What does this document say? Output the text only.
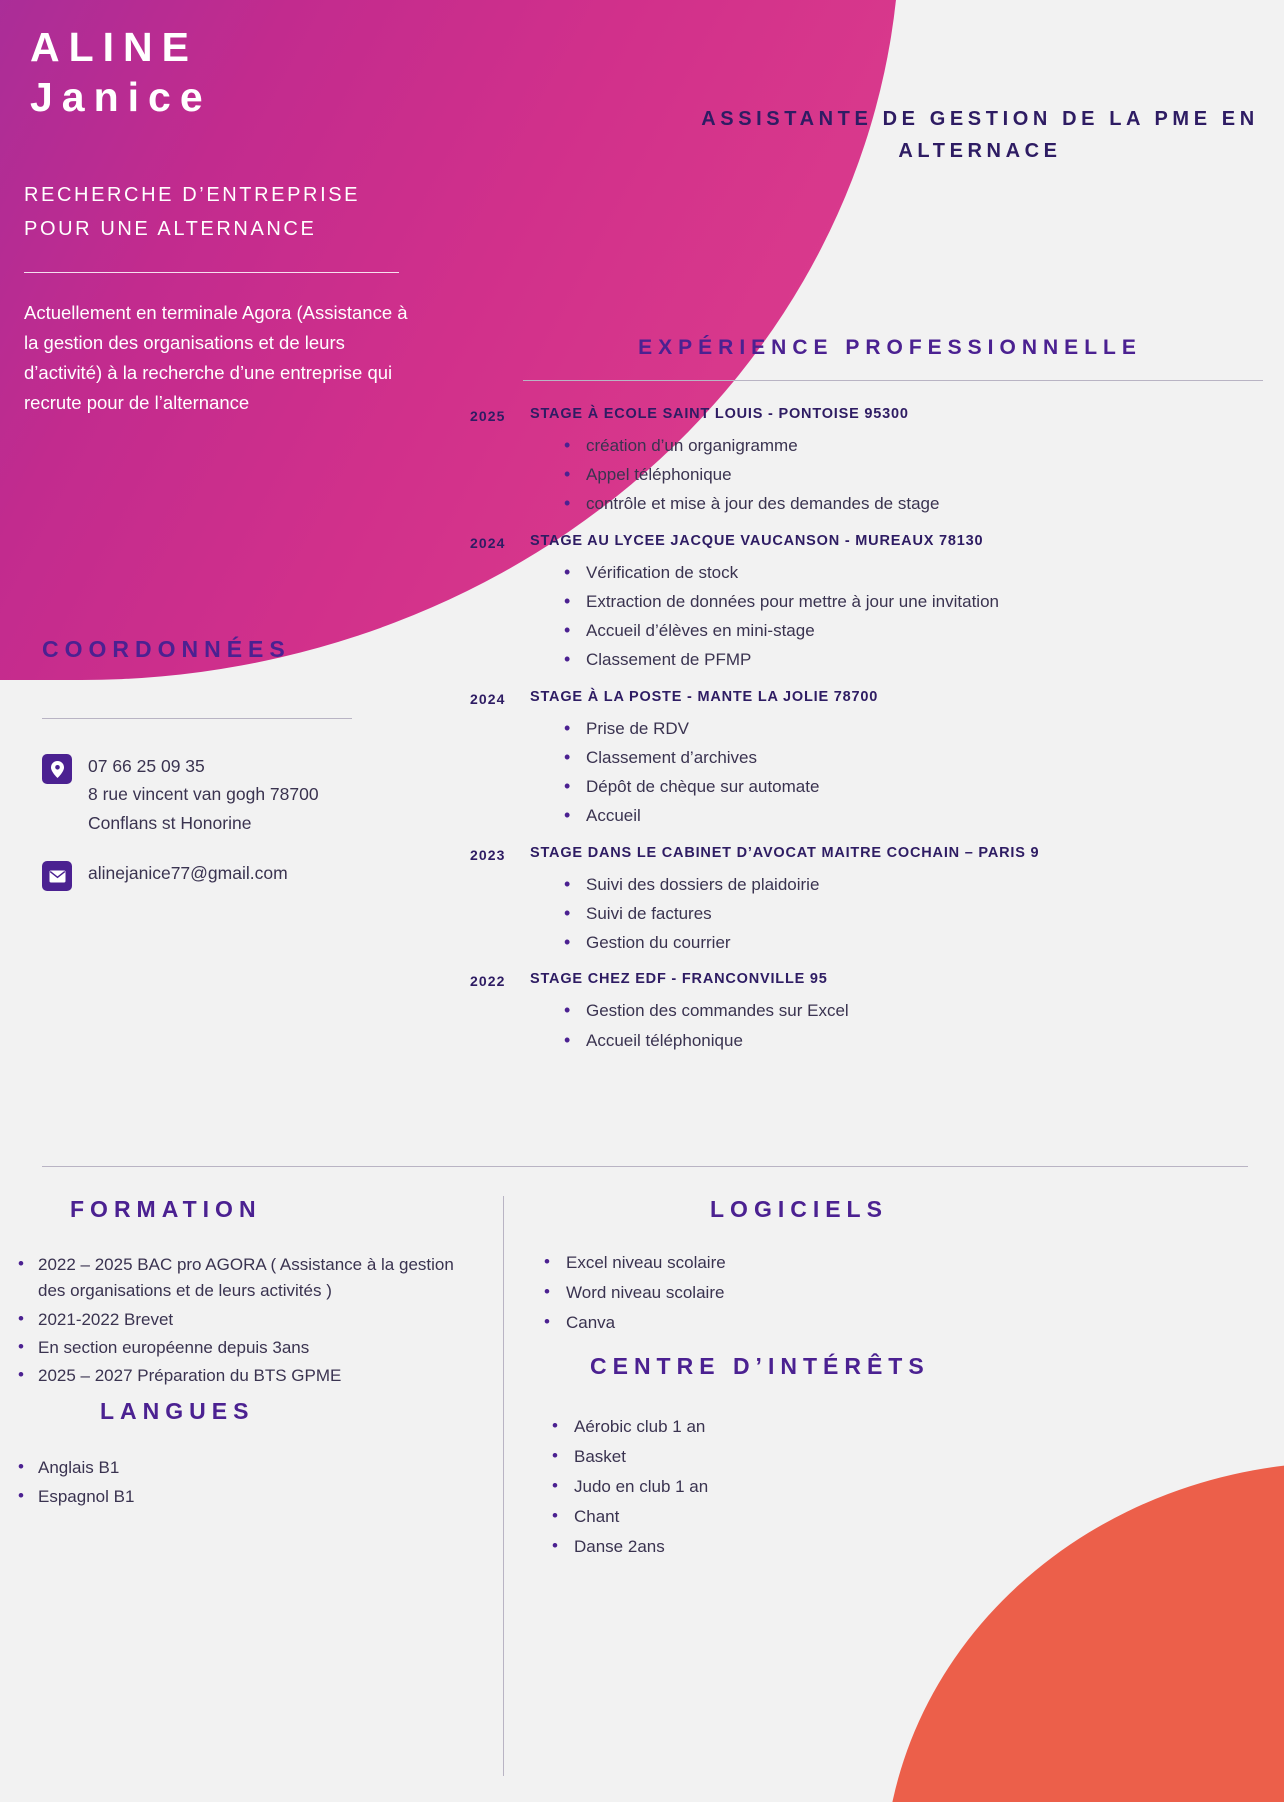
ALINE
Janice
RECHERCHE D’ENTREPRISE
POUR UNE ALTERNANCE
Actuellement en terminale Agora (Assistance à la gestion des organisations et de leurs d’activité) à la recherche d’une entreprise qui recrute pour de l’alternance
ASSISTANTE DE GESTION DE LA PME EN ALTERNACE
EXPÉRIENCE PROFESSIONNELLE
2025	STAGE À ECOLE SAINT LOUIS - PONTOISE 95300
• création d’un organigramme
• Appel téléphonique
• contrôle et mise à jour des demandes de stage
2024	STAGE AU LYCEE JACQUE VAUCANSON - MUREAUX 78130
• Vérification de stock
• Extraction de données pour mettre à jour une invitation
• Accueil d’élèves en mini-stage
• Classement de PFMP
2024	STAGE À LA POSTE - MANTE LA JOLIE 78700
• Prise de RDV
• Classement d’archives
• Dépôt de chèque sur automate
• Accueil
2023	STAGE DANS LE CABINET D’AVOCAT MAITRE COCHAIN – PARIS 9
• Suivi des dossiers de plaidoirie
• Suivi de factures
• Gestion du courrier
2022	STAGE CHEZ EDF - FRANCONVILLE 95
• Gestion des commandes sur Excel
• Accueil téléphonique
COORDONNÉES
07 66 25 09 35
8 rue vincent van gogh 78700
Conflans st Honorine
alinejanice77@gmail.com
FORMATION
• 2022 – 2025 BAC pro AGORA ( Assistance à la gestion des organisations et de leurs activités )
• 2021-2022 Brevet
• En section européenne depuis 3ans
• 2025 – 2027 Préparation du BTS GPME
LANGUES
• Anglais B1
• Espagnol B1
LOGICIELS
• Excel niveau scolaire
• Word niveau scolaire
• Canva
CENTRE D’INTÉRÊTS
• Aérobic club 1 an
• Basket
• Judo en club 1 an
• Chant
• Danse 2ans
